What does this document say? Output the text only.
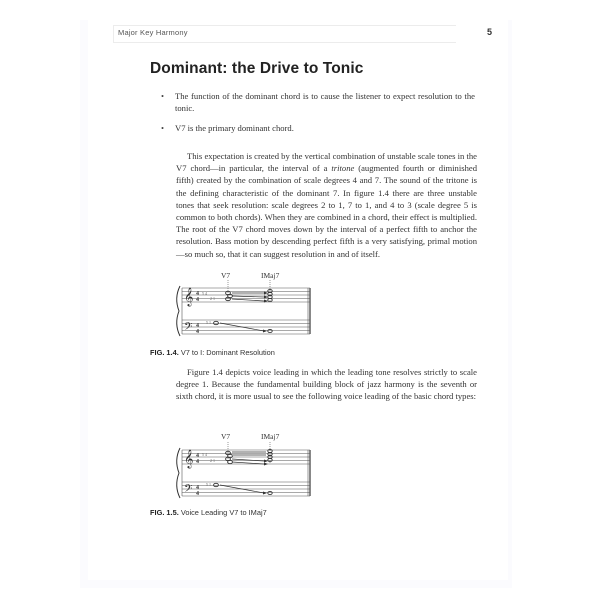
Major Key Harmony	5
Dominant: the Drive to Tonic
• The function of the dominant chord is to cause the listener to expect resolution to the tonic.
• V7 is the primary dominant chord.

This expectation is created by the vertical combination of unstable scale tones in the V7 chord—in particular, the interval of a tritone (augmented fourth or diminished fifth) created by the combination of scale degrees 4 and 7. The sound of the tritone is the defining characteristic of the dominant 7. In figure 1.4 there are three unstable tones that seek resolution: scale degrees 2 to 1, 7 to 1, and 4 to 3 (scale degree 5 is common to both chords). When they are combined in a chord, their effect is multiplied. The root of the V7 chord moves down by the interval of a perfect fifth to anchor the resolution. Bass motion by descending perfect fifth is a very satisfying, primal motion—so much so, that it can suggest resolution in and of itself.

V7	IMaj7
𝄞
𝄢
4
4
4
4
5 4
2 1
5 1
FIG. 1.4. V7 to I: Dominant Resolution

Figure 1.4 depicts voice leading in which the leading tone resolves strictly to scale degree 1. Because the fundamental building block of jazz harmony is the seventh or sixth chord, it is more usual to see the following voice leading of the basic chord types:

V7	IMaj7
𝄞
𝄢
4
4
4
4
5 4
2 1
5 1
FIG. 1.5. Voice Leading V7 to IMaj7
